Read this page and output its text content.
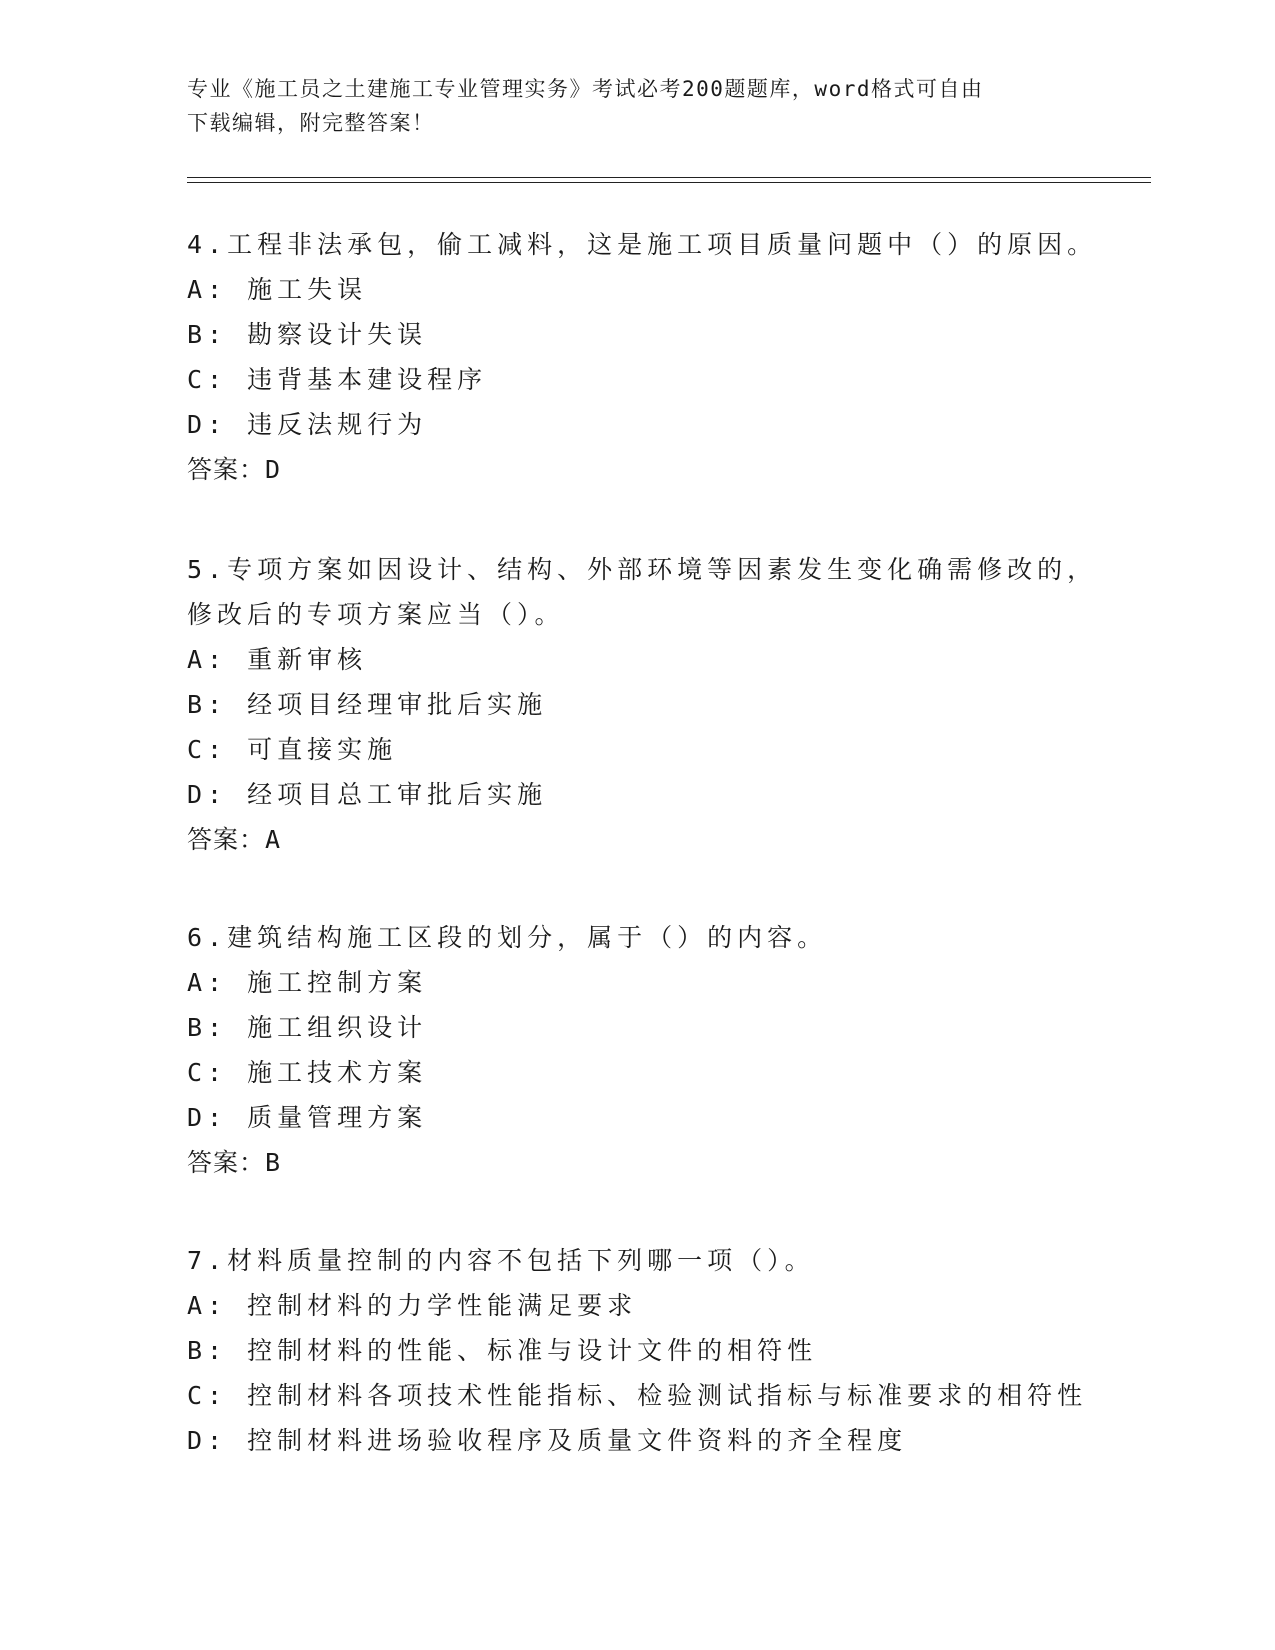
专业《施工员之土建施工专业管理实务》考试必考200题题库，word格式可自由
下载编辑，附完整答案！
4.工程非法承包，偷工减料，这是施工项目质量问题中（）的原因。
A: 施工失误
B: 勘察设计失误
C: 违背基本建设程序
D: 违反法规行为
答案：D
5.专项方案如因设计、结构、外部环境等因素发生变化确需修改的，
修改后的专项方案应当（）。
A: 重新审核
B: 经项目经理审批后实施
C: 可直接实施
D: 经项目总工审批后实施
答案：A
6.建筑结构施工区段的划分，属于（）的内容。
A: 施工控制方案
B: 施工组织设计
C: 施工技术方案
D: 质量管理方案
答案：B
7.材料质量控制的内容不包括下列哪一项（）。
A: 控制材料的力学性能满足要求
B: 控制材料的性能、标准与设计文件的相符性
C: 控制材料各项技术性能指标、检验测试指标与标准要求的相符性
D: 控制材料进场验收程序及质量文件资料的齐全程度
